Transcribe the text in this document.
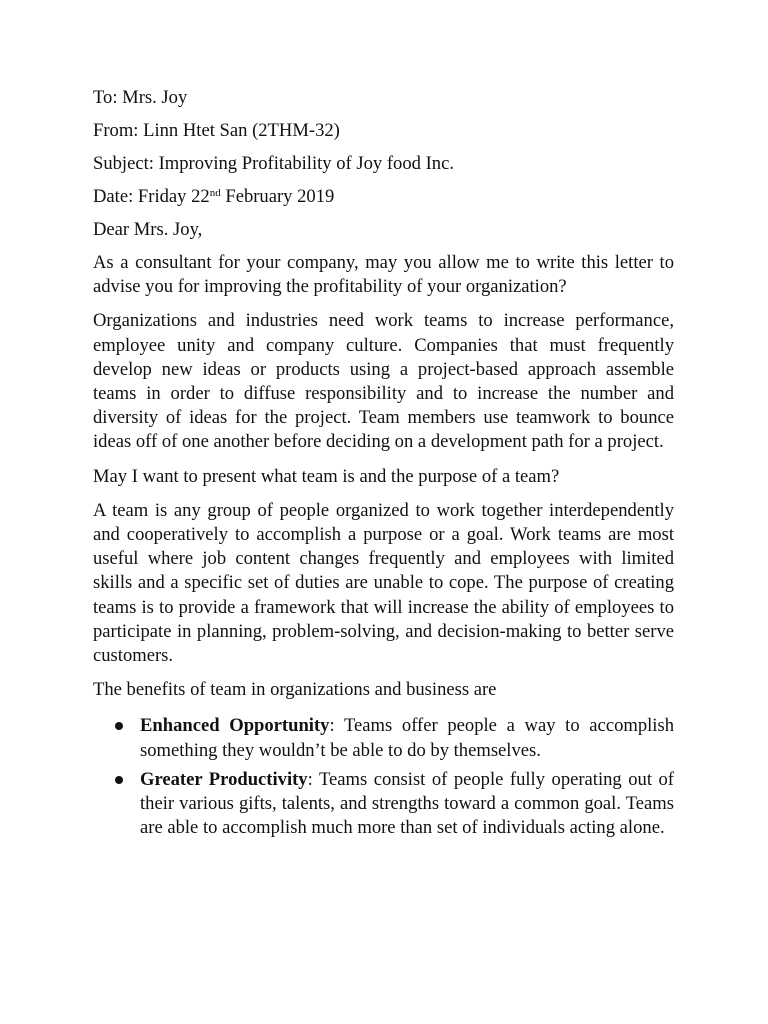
To: Mrs. Joy

From: Linn Htet San (2THM-32)

Subject: Improving Profitability of Joy food Inc.

Date: Friday 22nd February 2019

Dear Mrs. Joy,

As a consultant for your company, may you allow me to write this letter to advise you for improving the profitability of your organization?

Organizations and industries need work teams to increase performance, employee unity and company culture. Companies that must frequently develop new ideas or products using a project-based approach assemble teams in order to diffuse responsibility and to increase the number and diversity of ideas for the project. Team members use teamwork to bounce ideas off of one another before deciding on a development path for a project.

May I want to present what team is and the purpose of a team?

A team is any group of people organized to work together interdependently and cooperatively to accomplish a purpose or a goal. Work teams are most useful where job content changes frequently and employees with limited skills and a specific set of duties are unable to cope. The purpose of creating teams is to provide a framework that will increase the ability of employees to participate in planning, problem-solving, and decision-making to better serve customers.

The benefits of team in organizations and business are

Enhanced Opportunity: Teams offer people a way to accomplish something they wouldn’t be able to do by themselves.
Greater Productivity: Teams consist of people fully operating out of their various gifts, talents, and strengths toward a common goal. Teams are able to accomplish much more than set of individuals acting alone.
